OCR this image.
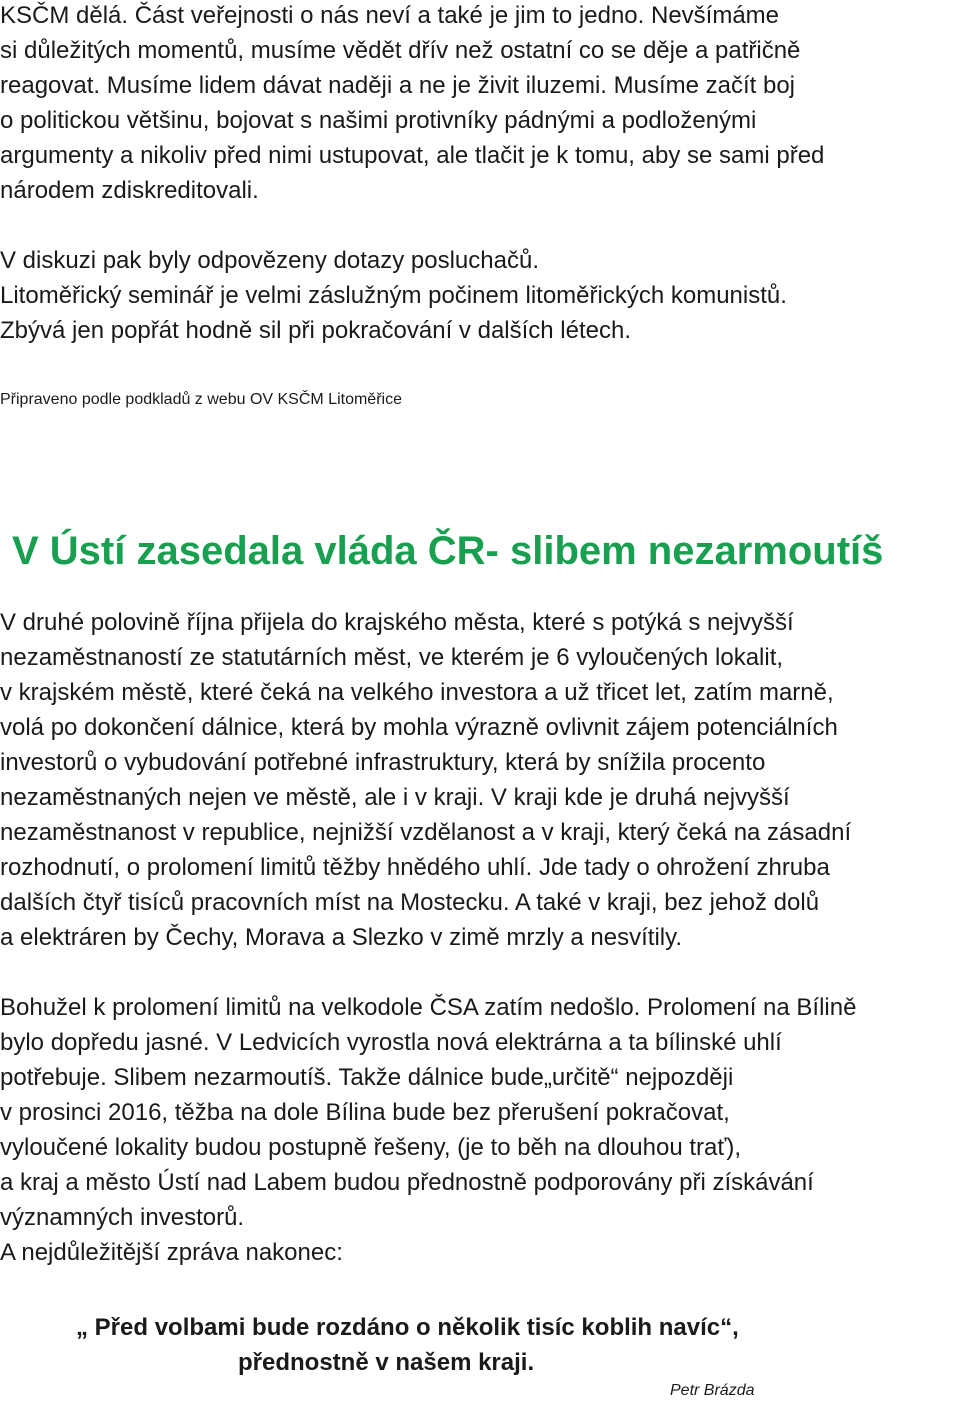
KSČM dělá. Část veřejnosti o nás neví a také je jim to jedno. Nevšímáme

si důležitých momentů, musíme vědět dřív než ostatní co se děje a patřičně

reagovat. Musíme lidem dávat naději a ne je živit iluzemi. Musíme začít boj

o politickou většinu, bojovat s našimi protivníky pádnými a podloženými

argumenty a nikoliv před nimi ustupovat, ale tlačit je k tomu, aby se sami před

národem zdiskreditovali.

V diskuzi pak byly odpovězeny dotazy posluchačů.

Litoměřický seminář je velmi záslužným počinem litoměřických komunistů.

Zbývá jen popřát hodně sil při pokračování v dalších létech.

Připraveno podle podkladů z webu OV KSČM Litoměřice

V Ústí zasedala vláda ČR- slibem nezarmoutíš

V druhé polovině října přijela do krajského města, které s potýká s nejvyšší

nezaměstnaností ze statutárních měst, ve kterém je 6 vyloučených lokalit,

v krajském městě, které čeká na velkého investora a už třicet let, zatím marně,

volá po dokončení dálnice, která by mohla výrazně ovlivnit zájem potenciálních

investorů o vybudování potřebné infrastruktury, která by snížila procento

nezaměstnaných nejen ve městě, ale i v kraji. V kraji kde je druhá nejvyšší

nezaměstnanost v republice, nejnižší vzdělanost a v kraji, který čeká na zásadní

rozhodnutí, o prolomení limitů těžby hnědého uhlí. Jde tady o ohrožení zhruba

dalších čtyř tisíců pracovních míst na Mostecku. A také v kraji, bez jehož dolů

a elektráren by Čechy, Morava a Slezko v zimě mrzly a nesvítily.

Bohužel k prolomení limitů na velkodole ČSA zatím nedošlo. Prolomení na Bílině

bylo dopředu jasné. V Ledvicích vyrostla nová elektrárna a ta bílinské uhlí

potřebuje. Slibem nezarmoutíš. Takže dálnice bude„určitě“ nejpozději

v prosinci 2016, těžba na dole Bílina bude bez přerušení pokračovat,

vyloučené lokality budou postupně řešeny, (je to běh na dlouhou trať),

a kraj a město Ústí nad Labem budou přednostně podporovány při získávání

významných investorů.

A nejdůležitější zpráva nakonec:

„ Před volbami bude rozdáno o několik tisíc koblih navíc“,

přednostně v našem kraji.

Petr Brázda
